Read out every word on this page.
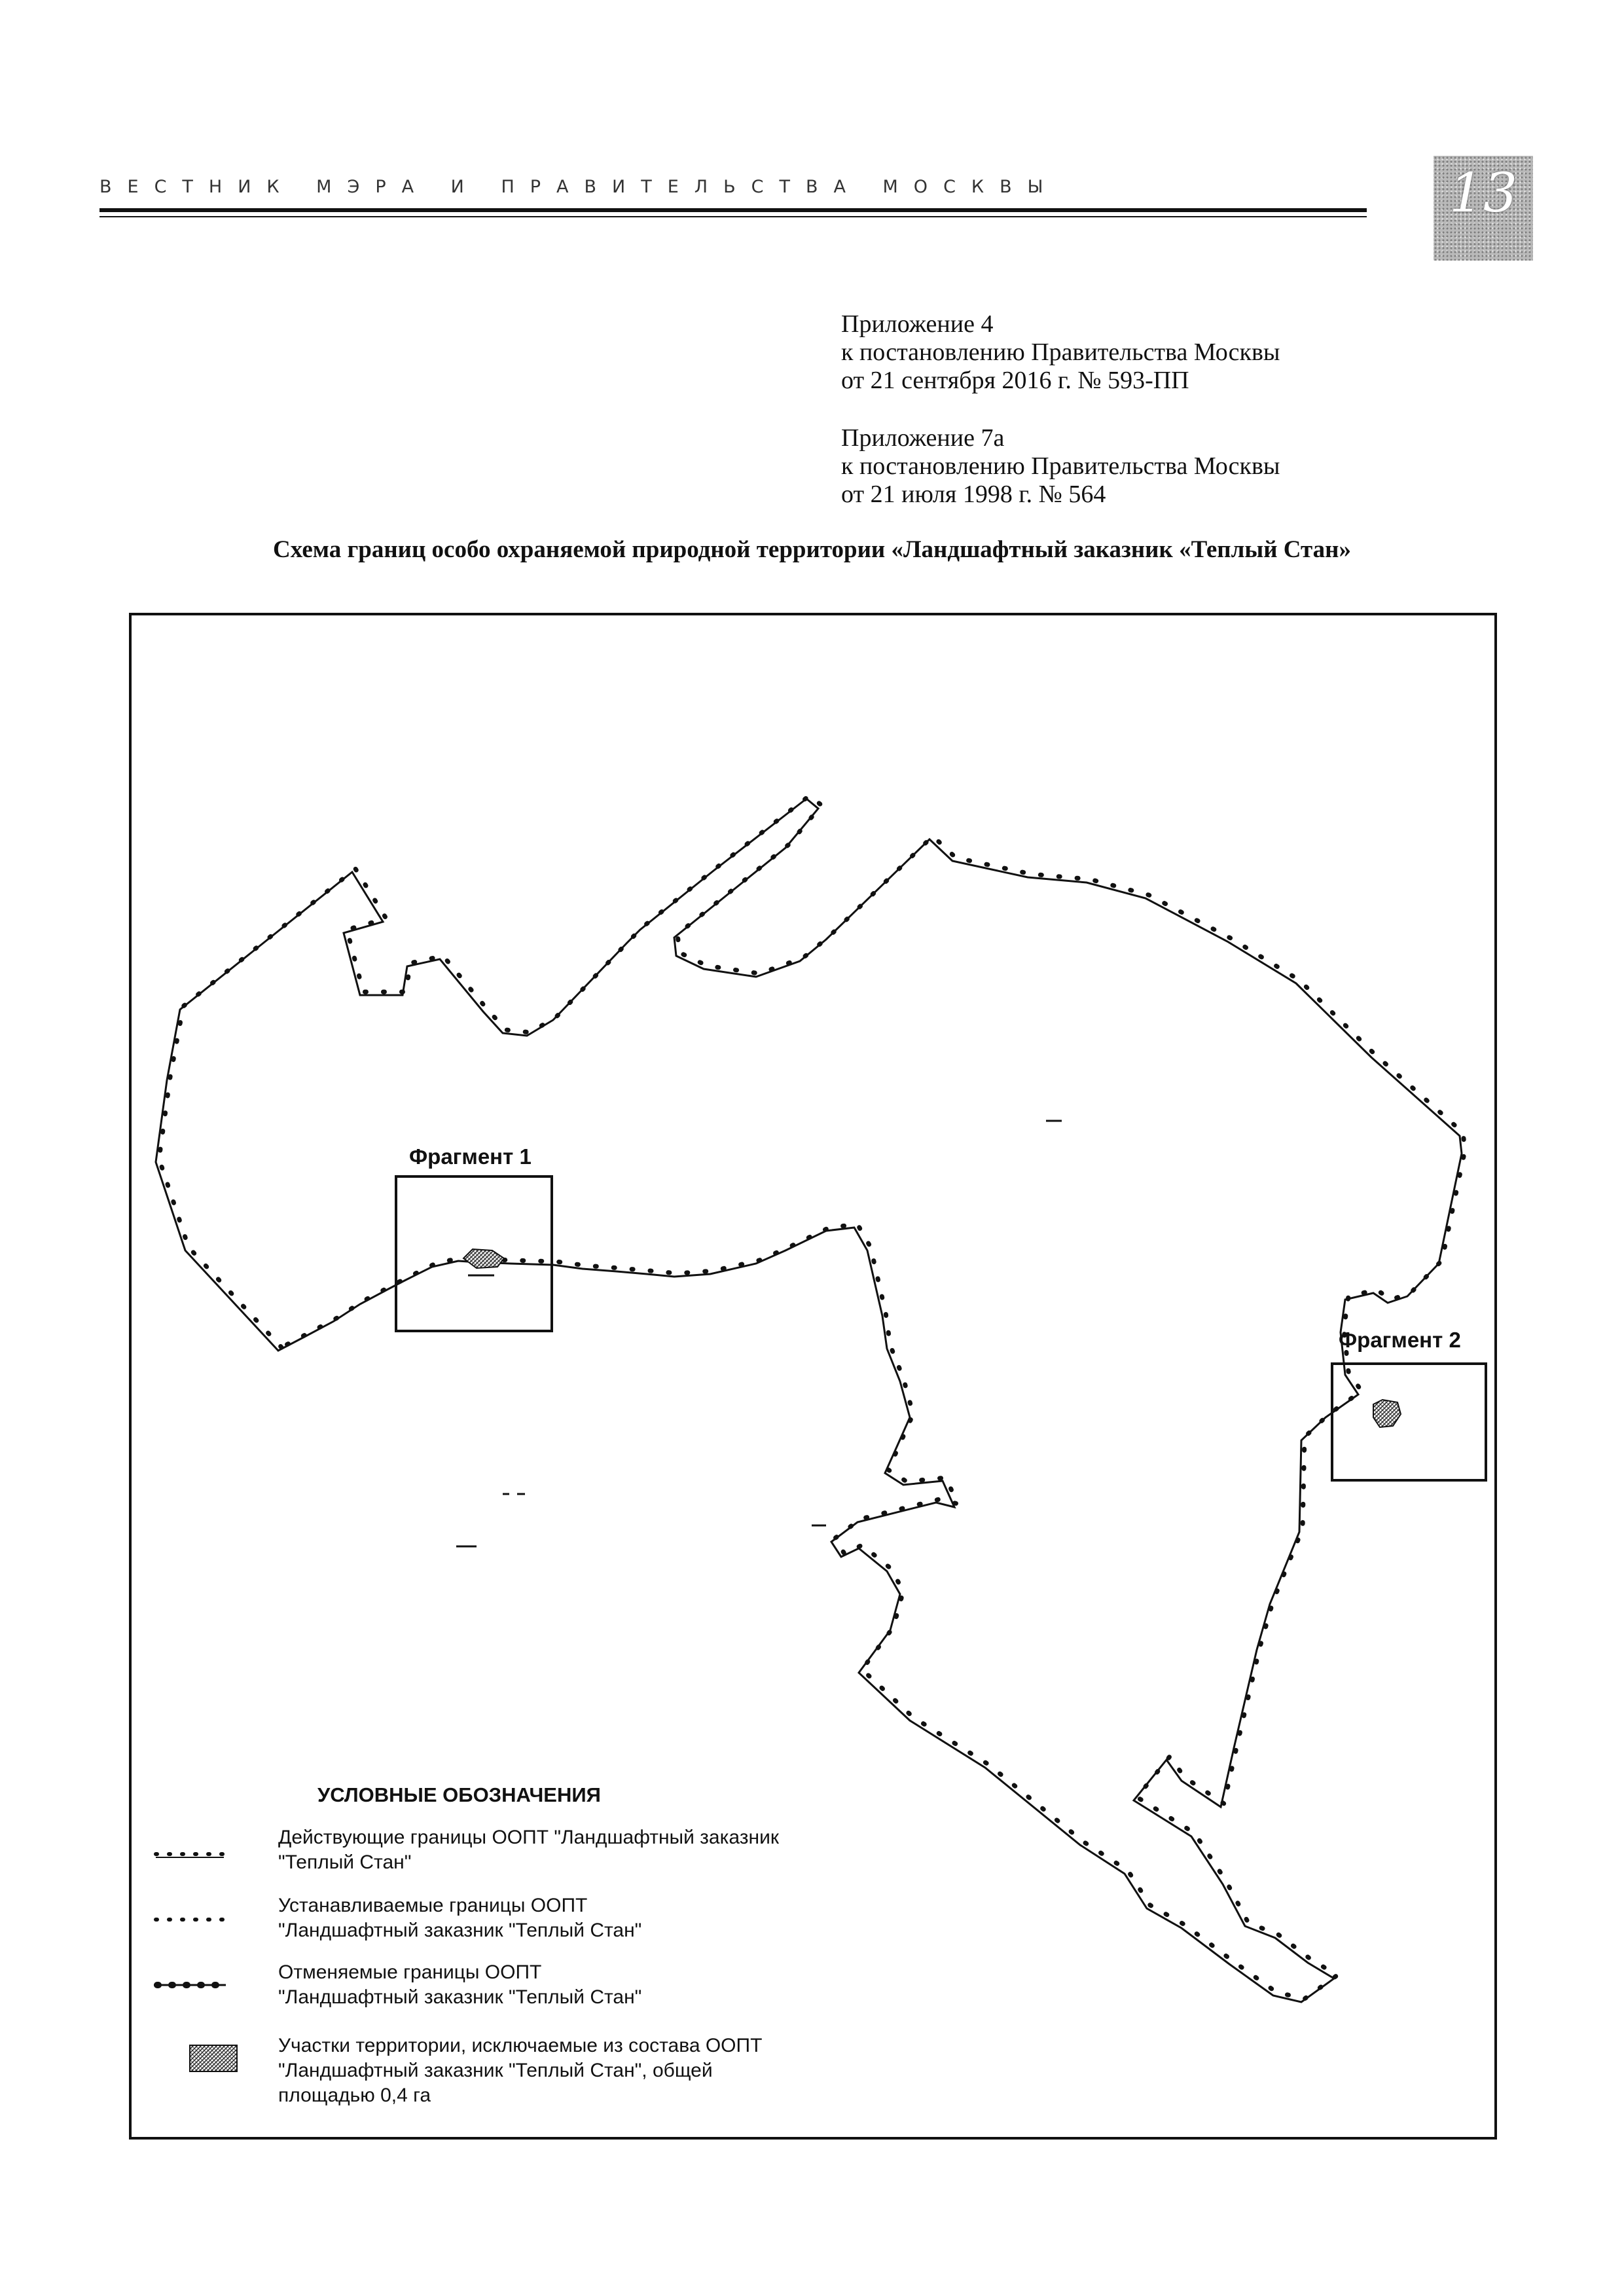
ВЕСТНИК МЭРА И ПРАВИТЕЛЬСТВА МОСКВЫ	13
Приложение 4
к постановлению Правительства Москвы
от 21 сентября 2016 г. № 593-ПП
Приложение 7а
к постановлению Правительства Москвы
от 21 июля 1998 г. № 564
Схема границ особо охраняемой природной территории «Ландшафтный заказник «Теплый Стан»
Фрагмент 1
Фрагмент 2
УСЛОВНЫЕ ОБОЗНАЧЕНИЯ
Действующие границы ООПТ "Ландшафтный заказник
"Теплый Стан"
Устанавливаемые границы ООПТ
"Ландшафтный заказник "Теплый Стан"
Отменяемые границы ООПТ
"Ландшафтный заказник "Теплый Стан"
Участки территории, исключаемые из состава ООПТ
"Ландшафтный заказник "Теплый Стан", общей
площадью 0,4 га
